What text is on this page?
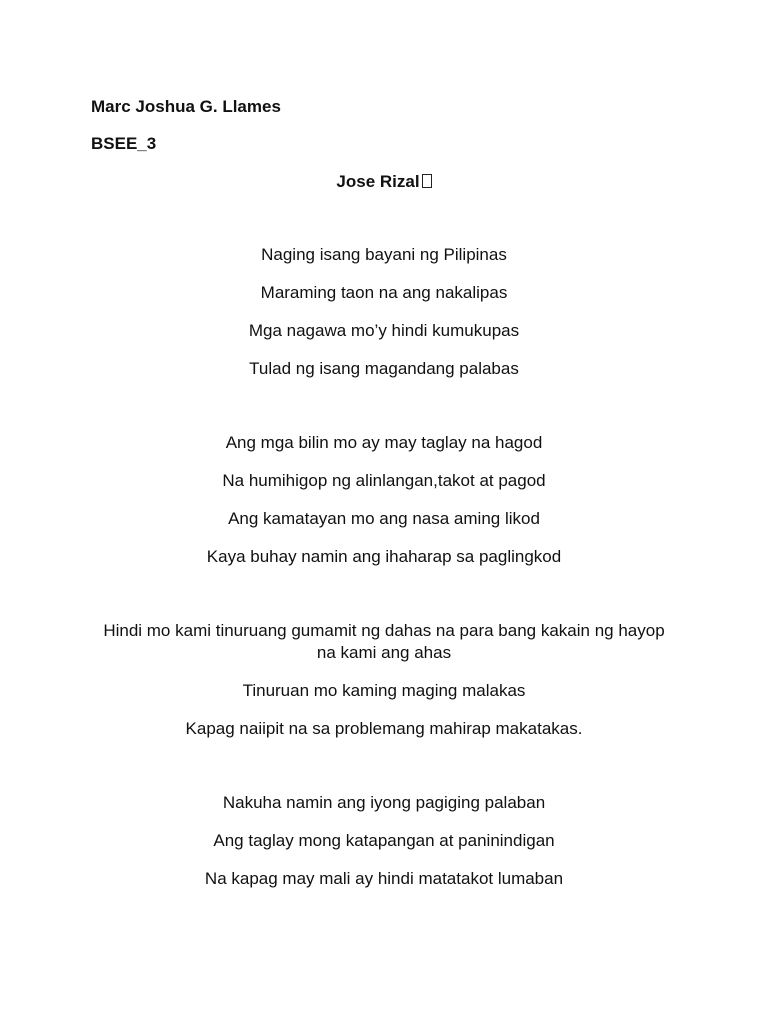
Marc Joshua G. Llames
BSEE_3
Jose Rizal
Naging isang bayani ng Pilipinas
Maraming taon na ang nakalipas
Mga nagawa mo’y hindi kumukupas
Tulad ng isang magandang palabas
Ang mga bilin mo ay may taglay na hagod
Na humihigop ng alinlangan,takot at pagod
Ang kamatayan mo ang nasa aming likod
Kaya buhay namin ang ihaharap sa paglingkod
Hindi mo kami tinuruang gumamit ng dahas na para bang kakain ng hayop na kami ang ahas
Tinuruan mo kaming maging malakas
Kapag naiipit na sa problemang mahirap makatakas.
Nakuha namin ang iyong pagiging palaban
Ang taglay mong katapangan at paninindigan
Na kapag may mali ay hindi matatakot lumaban
